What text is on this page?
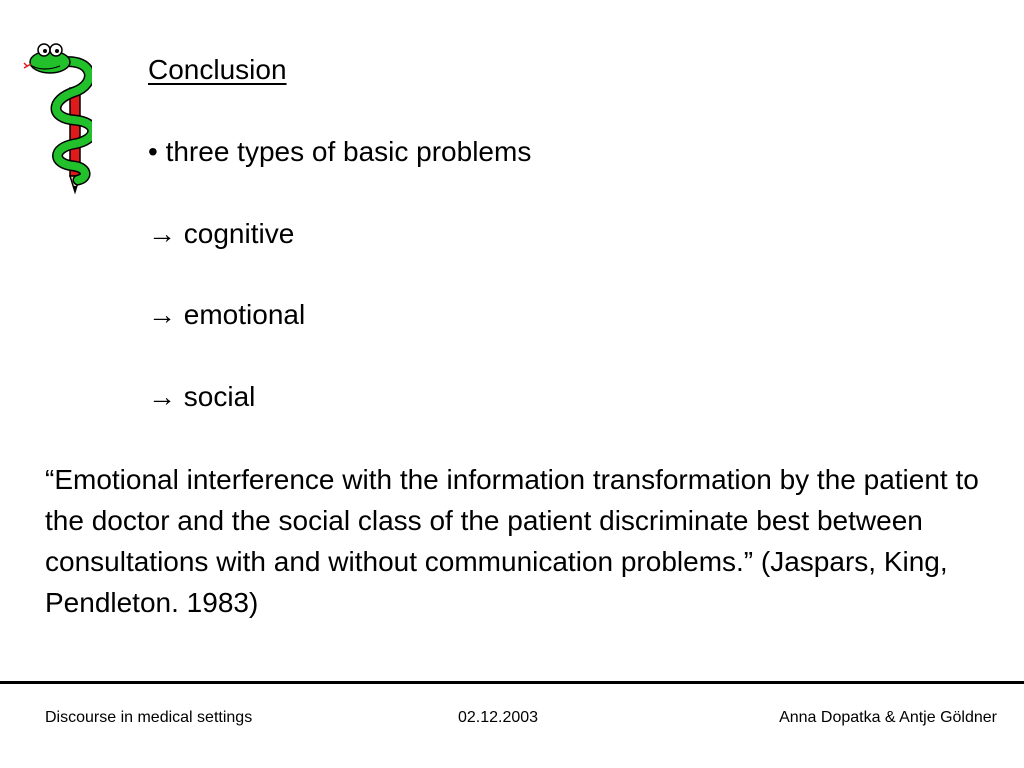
Conclusion
• three types of basic problems
→ cognitive
→ emotional
→ social

“Emotional interference with the information transformation by the patient to the doctor and the social class of the patient discriminate best between consultations with and without communication problems.” (Jaspars, King, Pendleton. 1983)

Discourse in medical settings	02.12.2003	Anna Dopatka & Antje Göldner
